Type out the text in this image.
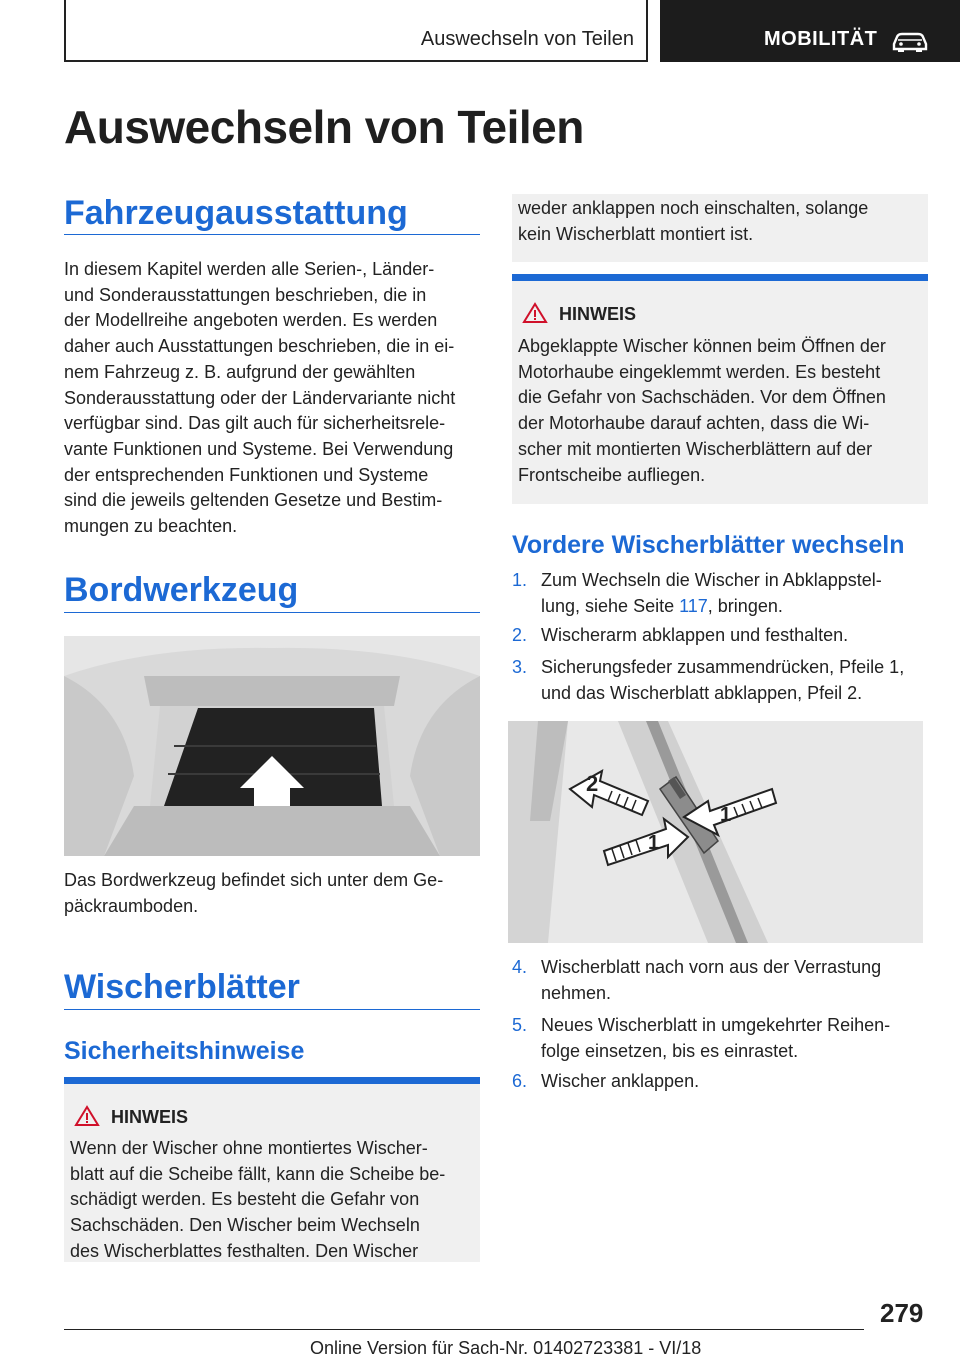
Auswechseln von Teilen	MOBILITÄT
Auswechseln von Teilen
Fahrzeugausstattung
In diesem Kapitel werden alle Serien-, Länder-
und Sonderausstattungen beschrieben, die in
der Modellreihe angeboten werden. Es werden
daher auch Ausstattungen beschrieben, die in ei-
nem Fahrzeug z. B. aufgrund der gewählten
Sonderausstattung oder der Ländervariante nicht
verfügbar sind. Das gilt auch für sicherheitsrele-
vante Funktionen und Systeme. Bei Verwendung
der entsprechenden Funktionen und Systeme
sind die jeweils geltenden Gesetze und Bestim-
mungen zu beachten.
Bordwerkzeug
Das Bordwerkzeug befindet sich unter dem Ge-
päckraumboden.
Wischerblätter
Sicherheitshinweise
HINWEIS
Wenn der Wischer ohne montiertes Wischer-
blatt auf die Scheibe fällt, kann die Scheibe be-
schädigt werden. Es besteht die Gefahr von
Sachschäden. Den Wischer beim Wechseln
des Wischerblattes festhalten. Den Wischer
weder anklappen noch einschalten, solange
kein Wischerblatt montiert ist.
HINWEIS
Abgeklappte Wischer können beim Öffnen der
Motorhaube eingeklemmt werden. Es besteht
die Gefahr von Sachschäden. Vor dem Öffnen
der Motorhaube darauf achten, dass die Wi-
scher mit montierten Wischerblättern auf der
Frontscheibe aufliegen.
Vordere Wischerblätter wechseln
1. Zum Wechseln die Wischer in Abklappstel-
lung, siehe Seite 117, bringen.
2. Wischerarm abklappen und festhalten.
3. Sicherungsfeder zusammendrücken, Pfeile 1,
und das Wischerblatt abklappen, Pfeil 2.
2
1
1
4. Wischerblatt nach vorn aus der Verrastung
nehmen.
5. Neues Wischerblatt in umgekehrter Reihen-
folge einsetzen, bis es einrastet.
6. Wischer anklappen.
279
Online Version für Sach-Nr. 01402723381 - VI/18
